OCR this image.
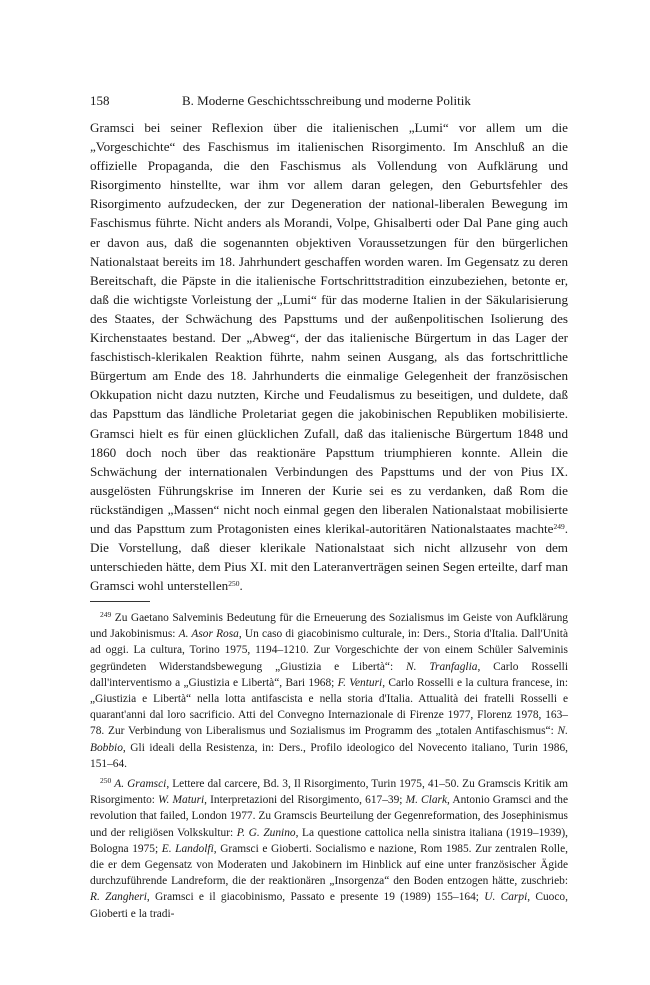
158	B. Moderne Geschichtsschreibung und moderne Politik

Gramsci bei seiner Reflexion über die italienischen „Lumi“ vor allem um die „Vorgeschichte“ des Faschismus im italienischen Risorgimento. Im Anschluß an die offizielle Propaganda, die den Faschismus als Vollendung von Aufklärung und Risorgimento hinstellte, war ihm vor allem daran gelegen, den Geburtsfehler des Risorgimento aufzudecken, der zur Degeneration der national-liberalen Bewegung im Faschismus führte. Nicht anders als Morandi, Volpe, Ghisalberti oder Dal Pane ging auch er davon aus, daß die sogenannten objektiven Voraussetzungen für den bürgerlichen Nationalstaat bereits im 18. Jahrhundert geschaffen worden waren. Im Gegensatz zu deren Bereitschaft, die Päpste in die italienische Fortschrittstradition einzubeziehen, betonte er, daß die wichtigste Vorleistung der „Lumi“ für das moderne Italien in der Säkularisierung des Staates, der Schwächung des Papsttums und der außenpolitischen Isolierung des Kirchenstaates bestand. Der „Abweg“, der das italienische Bürgertum in das Lager der faschistisch-klerikalen Reaktion führte, nahm seinen Ausgang, als das fortschrittliche Bürgertum am Ende des 18. Jahrhunderts die einmalige Gelegenheit der französischen Okkupation nicht dazu nutzten, Kirche und Feudalismus zu beseitigen, und duldete, daß das Papsttum das ländliche Proletariat gegen die jakobinischen Republiken mobilisierte. Gramsci hielt es für einen glücklichen Zufall, daß das italienische Bürgertum 1848 und 1860 doch noch über das reaktionäre Papsttum triumphieren konnte. Allein die Schwächung der internationalen Verbindungen des Papsttums und der von Pius IX. ausgelösten Führungskrise im Inneren der Kurie sei es zu verdanken, daß Rom die rückständigen „Massen“ nicht noch einmal gegen den liberalen Nationalstaat mobilisierte und das Papsttum zum Protagonisten eines klerikal-autoritären Nationalstaates machte$^{249}$. Die Vorstellung, daß dieser klerikale Nationalstaat sich nicht allzusehr von dem unterschieden hätte, dem Pius XI. mit den Lateranverträgen seinen Segen erteilte, darf man Gramsci wohl unterstellen$^{250}$.

$^{249}$ Zu Gaetano Salveminis Bedeutung für die Erneuerung des Sozialismus im Geiste von Aufklärung und Jakobinismus: A. Asor Rosa, Un caso di giacobinismo culturale, in: Ders., Storia d'Italia. Dall'Unità ad oggi. La cultura, Torino 1975, 1194–1210. Zur Vorgeschichte der von einem Schüler Salveminis gegründeten Widerstandsbewegung „Giustizia e Libertà“: N. Tranfaglia, Carlo Rosselli dall'interventismo a „Giustizia e Libertà“, Bari 1968; F. Venturi, Carlo Rosselli e la cultura francese, in: „Giustizia e Libertà“ nella lotta antifascista e nella storia d'Italia. Attualità dei fratelli Rosselli e quarant'anni dal loro sacrificio. Atti del Convegno Internazionale di Firenze 1977, Florenz 1978, 163–78. Zur Verbindung von Liberalismus und Sozialismus im Programm des „totalen Antifaschismus“: N. Bobbio, Gli ideali della Resistenza, in: Ders., Profilo ideologico del Novecento italiano, Turin 1986, 151–64.

$^{250}$ A. Gramsci, Lettere dal carcere, Bd. 3, Il Risorgimento, Turin 1975, 41–50. Zu Gramscis Kritik am Risorgimento: W. Maturi, Interpretazioni del Risorgimento, 617–39; M. Clark, Antonio Gramsci and the revolution that failed, London 1977. Zu Gramscis Beurteilung der Gegenreformation, des Josephinismus und der religiösen Volkskultur: P. G. Zunino, La questione cattolica nella sinistra italiana (1919–1939), Bologna 1975; E. Landolfi, Gramsci e Gioberti. Socialismo e nazione, Rom 1985. Zur zentralen Rolle, die er dem Gegensatz von Moderaten und Jakobinern im Hinblick auf eine unter französischer Ägide durchzuführende Landreform, die der reaktionären „Insorgenza“ den Boden entzogen hätte, zuschrieb: R. Zangheri, Gramsci e il giacobinismo, Passato e presente 19 (1989) 155–164; U. Carpi, Cuoco, Gioberti e la tradi-
